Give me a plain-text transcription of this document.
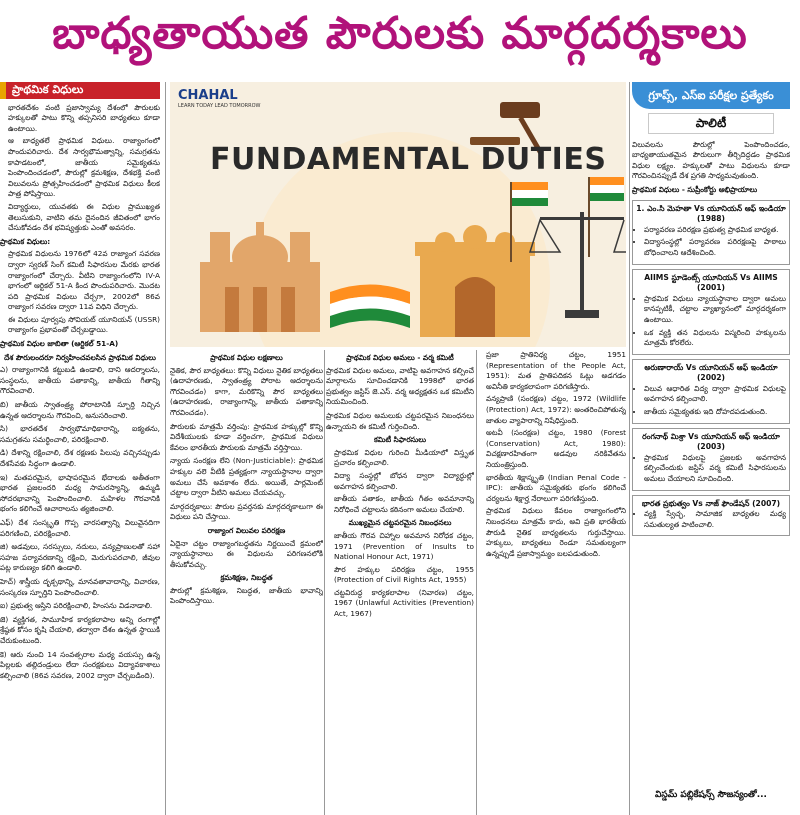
బాధ్యతాయుత పౌరులకు మార్గదర్శకాలు
ప్రాథమిక విధులు
• భారతదేశం వంటి ప్రజాస్వామ్య దేశంలో పౌరులకు హక్కులతో పాటు కొన్ని తప్పనిసరి బాధ్యతలు కూడా ఉంటాయి.
• ఆ బాధ్యతలే ప్రాథమిక విధులు. రాజ్యాంగంలో పొందుపరిచారు. దేశ సార్వభౌమత్వాన్ని, సమగ్రతను కాపాడటంలో, జాతీయ సమైక్యతను పెంపొందించడంలో, పౌరుల్లో క్రమశిక్షణ, దేశభక్తి వంటి విలువలను ప్రోత్సహించడంలో ప్రాథమిక విధులు కీలక పాత్ర పోషిస్తాయి.
• విద్యార్థులు, యువతకు ఈ విధుల ప్రాముఖ్యత తెలుసుకుని, వాటిని తమ దైనందిన జీవితంలో భాగం చేసుకోవడం దేశ భవిష్యత్తుకు ఎంతో అవసరం.
ప్రాథమిక విధులు:
• ప్రాథమిక విధులను 1976లో 42వ రాజ్యాంగ సవరణ ద్వారా స్వరణ్ సింగ్ కమిటీ సిఫారసుల మేరకు భారత రాజ్యాంగంలో చేర్చారు. వీటిని రాజ్యాంగంలోని IV-A భాగంలో ఆర్టికల్ 51-A కింద పొందుపరిచారు. మొదట పది ప్రాథమిక విధులు చేర్చగా, 2002లో 86వ రాజ్యాంగ సవరణ ద్వారా 11వ విధిని చేర్చారు.
• ఈ విధులు పూర్వపు సోవియట్ యూనియన్ (USSR) రాజ్యాంగం ప్రభావంతో చేర్చబడ్డాయి.
ప్రాథమిక విధుల జాబితా (ఆర్టికల్ 51-A)
దేశ పౌరులందరూ నిర్వహించవలసిన ప్రాథమిక విధులు

ఎ) రాజ్యాంగానికి కట్టుబడి ఉండాలి, దాని ఆదర్శాలను, సంస్థలను, జాతీయ పతాకాన్ని, జాతీయ గీతాన్ని గౌరవించాలి.

బి) జాతీయ స్వాతంత్ర్య పోరాటానికి స్ఫూర్తి నిచ్చిన ఉన్నత ఆదర్శాలను గౌరవించి, అనుసరించాలి.

సి) భారతదేశ సార్వభౌమాధికారాన్ని, ఐక్యతను, సమగ్రతను సమర్థించాలి, పరిరక్షించాలి.

డి) దేశాన్ని రక్షించాలి, దేశ రక్షణకు పిలుపు వచ్చినప్పుడు దేశసేవకు సిద్ధంగా ఉండాలి.

ఇ) మతపరమైన, భాషాపరమైన భేదాలకు అతీతంగా భారత ప్రజలందరి మధ్య సామరస్యాన్ని, ఉమ్మడి సోదరభావాన్ని పెంపొందించాలి. మహిళల గౌరవానికి భంగం కలిగించే ఆచారాలను త్యజించాలి.

ఎఫ్) దేశ సంస్కృతి గొప్ప వారసత్వాన్ని విలువైనదిగా పరిగణించి, పరిరక్షించాలి.

జి) అడవులు, సరస్సులు, నదులు, వన్యప్రాణులతో సహా సహజ పర్యావరణాన్ని రక్షించి, మెరుగుపరచాలి, జీవుల పట్ల కారుణ్యం కలిగి ఉండాలి.

హెచ్) శాస్త్రీయ దృక్పథాన్ని, మానవతావాదాన్ని, విచారణ, సంస్కరణ స్ఫూర్తిని పెంపొందించాలి.

ఐ) ప్రభుత్వ ఆస్తిని పరిరక్షించాలి, హింసను విడనాడాలి.

జె) వ్యక్తిగత, సామూహిక కార్యకలాపాల అన్ని రంగాల్లో శ్రేష్ఠత కోసం కృషి చేయాలి, తద్వారా దేశం ఉన్నత స్థాయికి చేరుకుంటుంది.

కె) ఆరు నుంచి 14 సంవత్సరాల మధ్య వయస్సు ఉన్న పిల్లలకు తల్లిదండ్రులు లేదా సంరక్షకులు విద్యావకాశాలు కల్పించాలి (86వ సవరణ, 2002 ద్వారా చేర్చబడింది).

CHAHAL
LEARN TODAY LEAD TOMORROW
FUNDAMENTAL DUTIES
ప్రాథమిక విధుల లక్షణాలు

నైతిక, పౌర బాధ్యతలు: కొన్ని విధులు నైతిక బాధ్యతలు (ఉదాహరణకు, స్వాతంత్ర్య పోరాట ఆదర్శాలను గౌరవించడం) కాగా, మరికొన్ని పౌర బాధ్యతలు (ఉదాహరణకు, రాజ్యాంగాన్ని, జాతీయ పతాకాన్ని గౌరవించడం).

పౌరులకు మాత్రమే వర్తింపు: ప్రాథమిక హక్కుల్లో కొన్ని విదేశీయులకు కూడా వర్తించగా, ప్రాథమిక విధులు కేవలం భారతీయ పౌరులకు మాత్రమే వర్తిస్తాయి.

న్యాయ సంరక్షణ లేని (Non-Justiciable): ప్రాథమిక హక్కుల వలె వీటికి ప్రత్యక్షంగా న్యాయస్థానాల ద్వారా అమలు చేసే అవకాశం లేదు. అయితే, పార్లమెంట్ చట్టాల ద్వారా వీటిని అమలు చేయవచ్చు.

మార్గదర్శకాలు: పౌరుల ప్రవర్తనకు మార్గదర్శకాలుగా ఈ విధులు పని చేస్తాయి.

రాజ్యాంగ విలువల పరిరక్షణ

ఏదైనా చట్టం రాజ్యాంగబద్ధతను నిర్ణయించే క్రమంలో న్యాయస్థానాలు ఈ విధులను పరిగణనలోకి తీసుకోవచ్చు.

క్రమశిక్షణ, నిబద్ధత

పౌరుల్లో క్రమశిక్షణ, నిబద్ధత, జాతీయ భావాన్ని పెంపొందిస్తాయి.

ప్రాథమిక విధుల అమలు - వర్మ కమిటీ

ప్రాథమిక విధుల అమలు, వాటిపై అవగాహన కల్పించే మార్గాలను సూచించడానికి 1998లో భారత ప్రభుత్వం జస్టిస్ జె.ఎస్. వర్మ అధ్యక్షతన ఒక కమిటీని నియమించింది.

ప్రాథమిక విధుల అమలుకు చట్టపరమైన నిబంధనలు ఉన్నాయని ఈ కమిటీ గుర్తించింది.

కమిటీ సిఫారసులు
• ప్రాథమిక విధుల గురించి మీడియాలో విస్తృత ప్రచారం కల్పించాలి.
• విద్యా సంస్థల్లో బోధన ద్వారా విద్యార్థుల్లో అవగాహన కల్పించాలి.
• జాతీయ పతాకం, జాతీయ గీతం అవమానాన్ని నిరోధించే చట్టాలను కఠినంగా అమలు చేయాలి.
ముఖ్యమైన చట్టపరమైన నిబంధనలు
• జాతీయ గౌరవ చిహ్నాల అవమాన నిరోధక చట్టం, 1971 (Prevention of Insults to National Honour Act, 1971)
• పౌర హక్కుల పరిరక్షణ చట్టం, 1955 (Protection of Civil Rights Act, 1955)
• చట్టవిరుద్ధ కార్యకలాపాల (నివారణ) చట్టం, 1967 (Unlawful Activities (Prevention) Act, 1967)
• ప్రజా ప్రాతినిధ్య చట్టం, 1951 (Representation of the People Act, 1951): మత ప్రాతిపదికన ఓట్లు అడగడం అవినీతి కార్యకలాపంగా పరిగణిస్తారు.
• వన్యప్రాణి (సంరక్షణ) చట్టం, 1972 (Wildlife (Protection) Act, 1972): అంతరించిపోతున్న జాతుల వ్యాపారాన్ని నిషేధిస్తుంది.
• అటవీ (సంరక్షణ) చట్టం, 1980 (Forest (Conservation) Act, 1980): విచక్షణారహితంగా అడవుల నరికివేతను నియంత్రిస్తుంది.
• భారతీయ శిక్షాస్మృతి (Indian Penal Code - IPC): జాతీయ సమైక్యతకు భంగం కలిగించే చర్యలను శిక్షార్హ నేరాలుగా పరిగణిస్తుంది.
• ప్రాథమిక విధులు కేవలం రాజ్యాంగంలోని నిబంధనలు మాత్రమే కాదు, అవి ప్రతి భారతీయ పౌరుడి నైతిక బాధ్యతలను గుర్తుచేస్తాయి. హక్కులు, బాధ్యతలు రెండూ సమతుల్యంగా ఉన్నప్పుడే ప్రజాస్వామ్యం బలపడుతుంది.
గ్రూప్స్, ఎస్ఐ పరీక్షల ప్రత్యేకం
పాలిటీ

విలువలను పౌరుల్లో పెంపొందించడం, బాధ్యతాయుతమైన పౌరులుగా తీర్చిదిద్దడం ప్రాథమిక విధుల లక్ష్యం. హక్కులతో పాటు విధులను కూడా గౌరవించినప్పుడే దేశ ప్రగతి సాధ్యమవుతుంది.

ప్రాథమిక విధులు - సుప్రీంకోర్టు అభిప్రాయాలు
1. ఎం.సి మెహతా Vs యూనియన్ ఆఫ్ ఇండియా (1988)
• పర్యావరణ పరిరక్షణ ప్రభుత్వ ప్రాథమిక బాధ్యత.
• విద్యాసంస్థల్లో పర్యావరణ పరిరక్షణపై పాఠాలు బోధించాలని ఆదేశించింది.
AIIMS స్టూడెంట్స్ యూనియన్ Vs AIIMS (2001)
• ప్రాథమిక విధులు న్యాయస్థానాల ద్వారా అమలు కానప్పటికీ, చట్టాల వ్యాఖ్యానంలో మార్గదర్శకంగా ఉంటాయి.
• ఒక వ్యక్తి తన విధులను విస్మరించి హక్కులను మాత్రమే కోరలేరు.
అరుణారాయ్ Vs యూనియన్ ఆఫ్ ఇండియా (2002)
• విలువ ఆధారిత విద్య ద్వారా ప్రాథమిక విధులపై అవగాహన కల్పించాలి.
• జాతీయ సమైక్యతకు ఇది దోహదపడుతుంది.
రంగనాథ్ మిశ్రా Vs యూనియన్ ఆఫ్ ఇండియా (2003)
• ప్రాథమిక విధులపై ప్రజలకు అవగాహన కల్పించేందుకు జస్టిస్ వర్మ కమిటీ సిఫారసులను అమలు చేయాలని సూచించింది.
భారత ప్రభుత్వం Vs నాజ్ ఫౌండేషన్ (2007)
• వ్యక్తి స్వేచ్ఛ, సామాజిక బాధ్యతల మధ్య సమతుల్యత పాటించాలి.
విస్డమ్ పబ్లికేషన్స్ సౌజన్యంతో...
